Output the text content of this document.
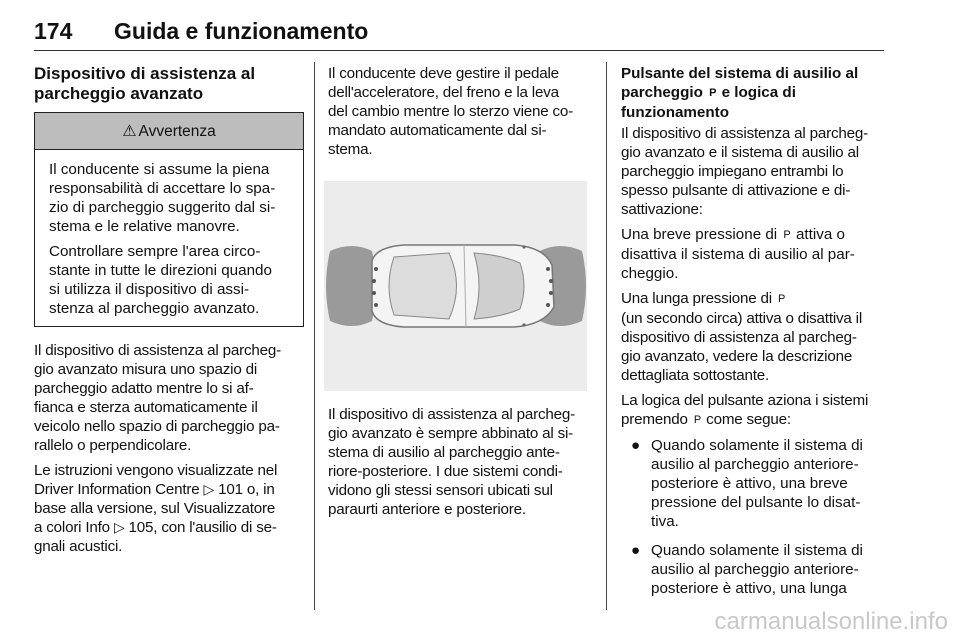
174 Guida e funzionamento
Dispositivo di assistenza al
parcheggio avanzato
⚠ Avvertenza

Il conducente si assume la piena
responsabilità di accettare lo spa-
zio di parcheggio suggerito dal si-
stema e le relative manovre.

Controllare sempre l'area circo-
stante in tutte le direzioni quando
si utilizza il dispositivo di assi-
stenza al parcheggio avanzato.

Il dispositivo di assistenza al parcheg-
gio avanzato misura uno spazio di
parcheggio adatto mentre lo si af-
fianca e sterza automaticamente il
veicolo nello spazio di parcheggio pa-
rallelo o perpendicolare.

Le istruzioni vengono visualizzate nel
Driver Information Centre ▷ 101 o, in
base alla versione, sul Visualizzatore
a colori Info ▷ 105, con l'ausilio di se-
gnali acustici.

Il conducente deve gestire il pedale
dell'acceleratore, del freno e la leva
del cambio mentre lo sterzo viene co-
mandato automaticamente dal si-
stema.

Il dispositivo di assistenza al parcheg-
gio avanzato è sempre abbinato al si-
stema di ausilio al parcheggio ante-
riore-posteriore. I due sistemi condi-
vidono gli stessi sensori ubicati sul
paraurti anteriore e posteriore.

Pulsante del sistema di ausilio al
parcheggio P e logica di
funzionamento

Il dispositivo di assistenza al parcheg-
gio avanzato e il sistema di ausilio al
parcheggio impiegano entrambi lo
spesso pulsante di attivazione e di-
sattivazione:

Una breve pressione di P attiva o
disattiva il sistema di ausilio al par-
cheggio.

Una lunga pressione di P
(un secondo circa) attiva o disattiva il
dispositivo di assistenza al parcheg-
gio avanzato, vedere la descrizione
dettagliata sottostante.

La logica del pulsante aziona i sistemi
premendo P come segue:

● Quando solamente il sistema di
ausilio al parcheggio anteriore-
posteriore è attivo, una breve
pressione del pulsante lo disat-
tiva.
● Quando solamente il sistema di
ausilio al parcheggio anteriore-
posteriore è attivo, una lunga
carmanualsonline.info
